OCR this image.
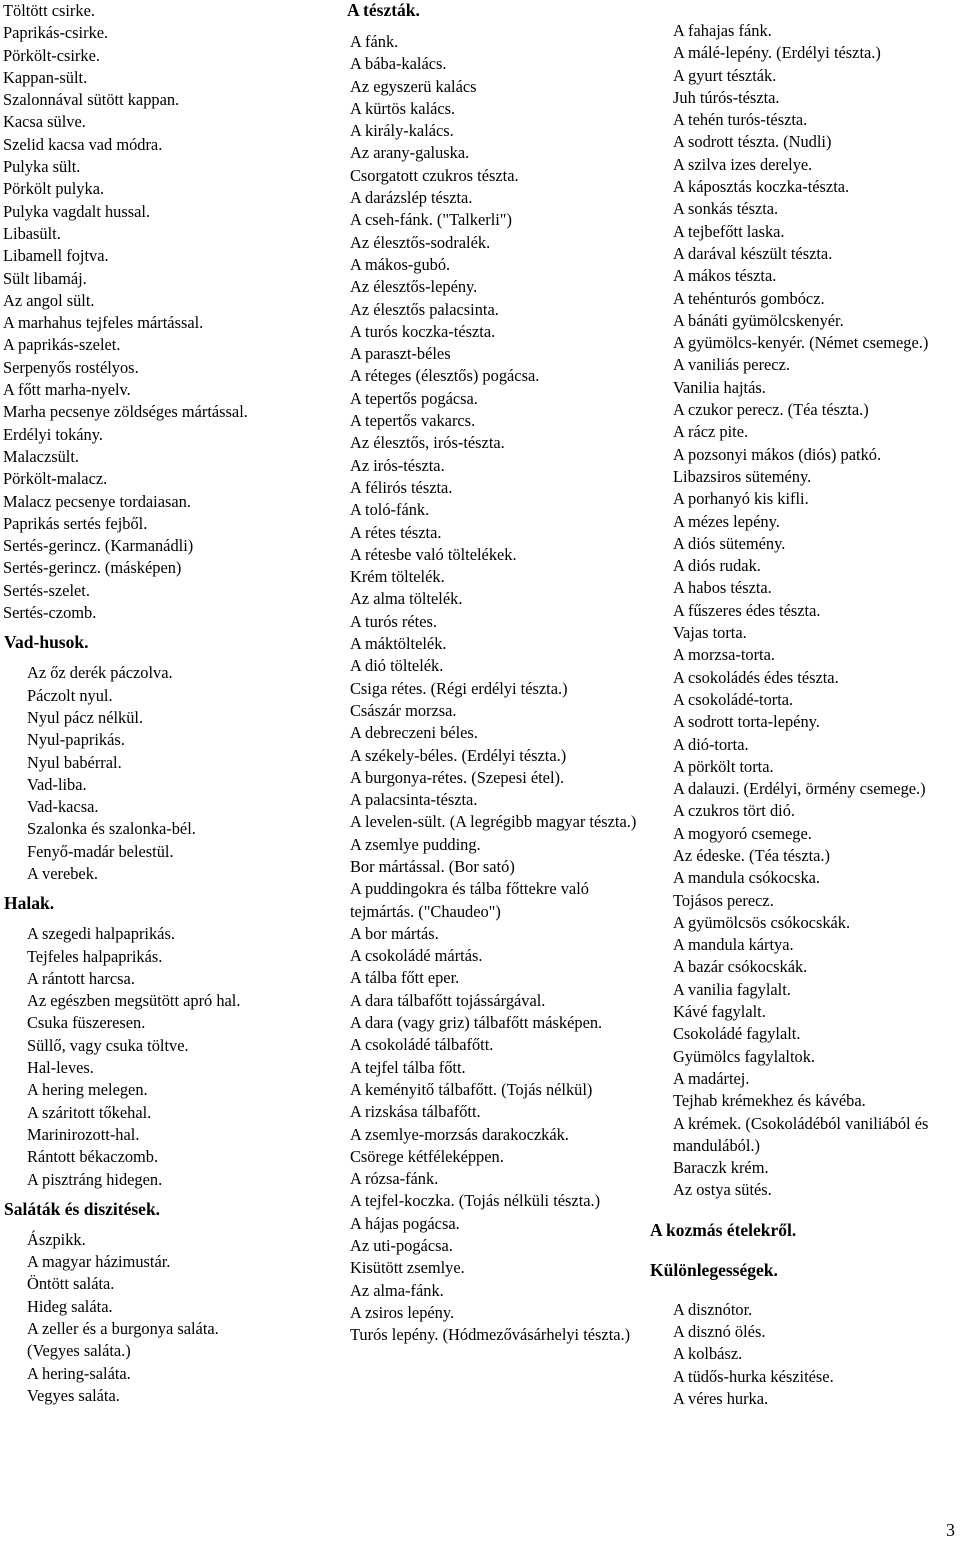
Töltött csirke.
Paprikás-csirke.
Pörkölt-csirke.
Kappan-sült.
Szalonnával sütött kappan.
Kacsa sülve.
Szelid kacsa vad módra.
Pulyka sült.
Pörkölt pulyka.
Pulyka vagdalt hussal.
Libasült.
Libamell fojtva.
Sült libamáj.
Az angol sült.
A marhahus tejfeles mártással.
A paprikás-szelet.
Serpenyős rostélyos.
A főtt marha-nyelv.
Marha pecsenye zöldséges mártással.
Erdélyi tokány.
Malaczsült.
Pörkölt-malacz.
Malacz pecsenye tordaiasan.
Paprikás sertés fejből.
Sertés-gerincz. (Karmanádli)
Sertés-gerincz. (másképen)
Sertés-szelet.
Sertés-czomb.
Vad-husok.
Az őz derék páczolva.
Páczolt nyul.
Nyul pácz nélkül.
Nyul-paprikás.
Nyul babérral.
Vad-liba.
Vad-kacsa.
Szalonka és szalonka-bél.
Fenyő-madár belestül.
A verebek.
Halak.
A szegedi halpaprikás.
Tejfeles halpaprikás.
A rántott harcsa.
Az egészben megsütött apró hal.
Csuka füszeresen.
Süllő, vagy csuka töltve.
Hal-leves.
A hering melegen.
A száritott tőkehal.
Marinirozott-hal.
Rántott békaczomb.
A pisztráng hidegen.
Saláták és diszitések.
Ászpikk.
A magyar házimustár.
Öntött saláta.
Hideg saláta.
A zeller és a burgonya saláta.
(Vegyes saláta.)
A hering-saláta.
Vegyes saláta.
A tészták.
A fánk.
A bába-kalács.
Az egyszerü kalács
A kürtös kalács.
A király-kalács.
Az arany-galuska.
Csorgatott czukros tészta.
A darázslép tészta.
A cseh-fánk. ("Talkerli")
Az élesztős-sodralék.
A mákos-gubó.
Az élesztős-lepény.
Az élesztős palacsinta.
A turós koczka-tészta.
A paraszt-béles
A réteges (élesztős) pogácsa.
A tepertős pogácsa.
A tepertős vakarcs.
Az élesztős, irós-tészta.
Az irós-tészta.
A félirós tészta.
A toló-fánk.
A rétes tészta.
A rétesbe való töltelékek.
Krém töltelék.
Az alma töltelék.
A turós rétes.
A máktöltelék.
A dió töltelék.
Csiga rétes. (Régi erdélyi tészta.)
Császár morzsa.
A debreczeni béles.
A székely-béles. (Erdélyi tészta.)
A burgonya-rétes. (Szepesi étel).
A palacsinta-tészta.
A levelen-sült. (A legrégibb magyar tészta.)
A zsemlye pudding.
Bor mártással. (Bor sató)
A puddingokra és tálba főttekre való tejmártás. ("Chaudeo")
A bor mártás.
A csokoládé mártás.
A tálba főtt eper.
A dara tálbafőtt tojássárgával.
A dara (vagy griz) tálbafőtt másképen.
A csokoládé tálbafőtt.
A tejfel tálba főtt.
A keményitő tálbafőtt. (Tojás nélkül)
A rizskása tálbafőtt.
A zsemlye-morzsás darakoczkák.
Csörege kétféleképpen.
A rózsa-fánk.
A tejfel-koczka. (Tojás nélküli tészta.)
A hájas pogácsa.
Az uti-pogácsa.
Kisütött zsemlye.
Az alma-fánk.
A zsiros lepény.
Turós lepény. (Hódmezővásárhelyi tészta.)
A fahajas fánk.
A málé-lepény. (Erdélyi tészta.)
A gyurt tészták.
Juh túrós-tészta.
A tehén turós-tészta.
A sodrott tészta. (Nudli)
A szilva izes derelye.
A káposztás koczka-tészta.
A sonkás tészta.
A tejbefőtt laska.
A darával készült tészta.
A mákos tészta.
A tehénturós gombócz.
A bánáti gyümölcskenyér.
A gyümölcs-kenyér. (Német csemege.)
A vaniliás perecz.
Vanilia hajtás.
A czukor perecz. (Téa tészta.)
A rácz pite.
A pozsonyi mákos (diós) patkó.
Libazsiros sütemény.
A porhanyó kis kifli.
A mézes lepény.
A diós sütemény.
A diós rudak.
A habos tészta.
A fűszeres édes tészta.
Vajas torta.
A morzsa-torta.
A csokoládés édes tészta.
A csokoládé-torta.
A sodrott torta-lepény.
A dió-torta.
A pörkölt torta.
A dalauzi. (Erdélyi, örmény csemege.)
A czukros tört dió.
A mogyoró csemege.
Az édeske. (Téa tészta.)
A mandula csókocska.
Tojásos perecz.
A gyümölcsös csókocskák.
A mandula kártya.
A bazár csókocskák.
A vanilia fagylalt.
Kávé fagylalt.
Csokoládé fagylalt.
Gyümölcs fagylaltok.
A madártej.
Tejhab krémekhez és kávéba.
A krémek. (Csokoládéból vaniliából és mandulából.)
Baraczk krém.
Az ostya sütés.
A kozmás ételekről.
Különlegességek.
A disznótor.
A disznó ölés.
A kolbász.
A tüdős-hurka készitése.
A véres hurka.
3
